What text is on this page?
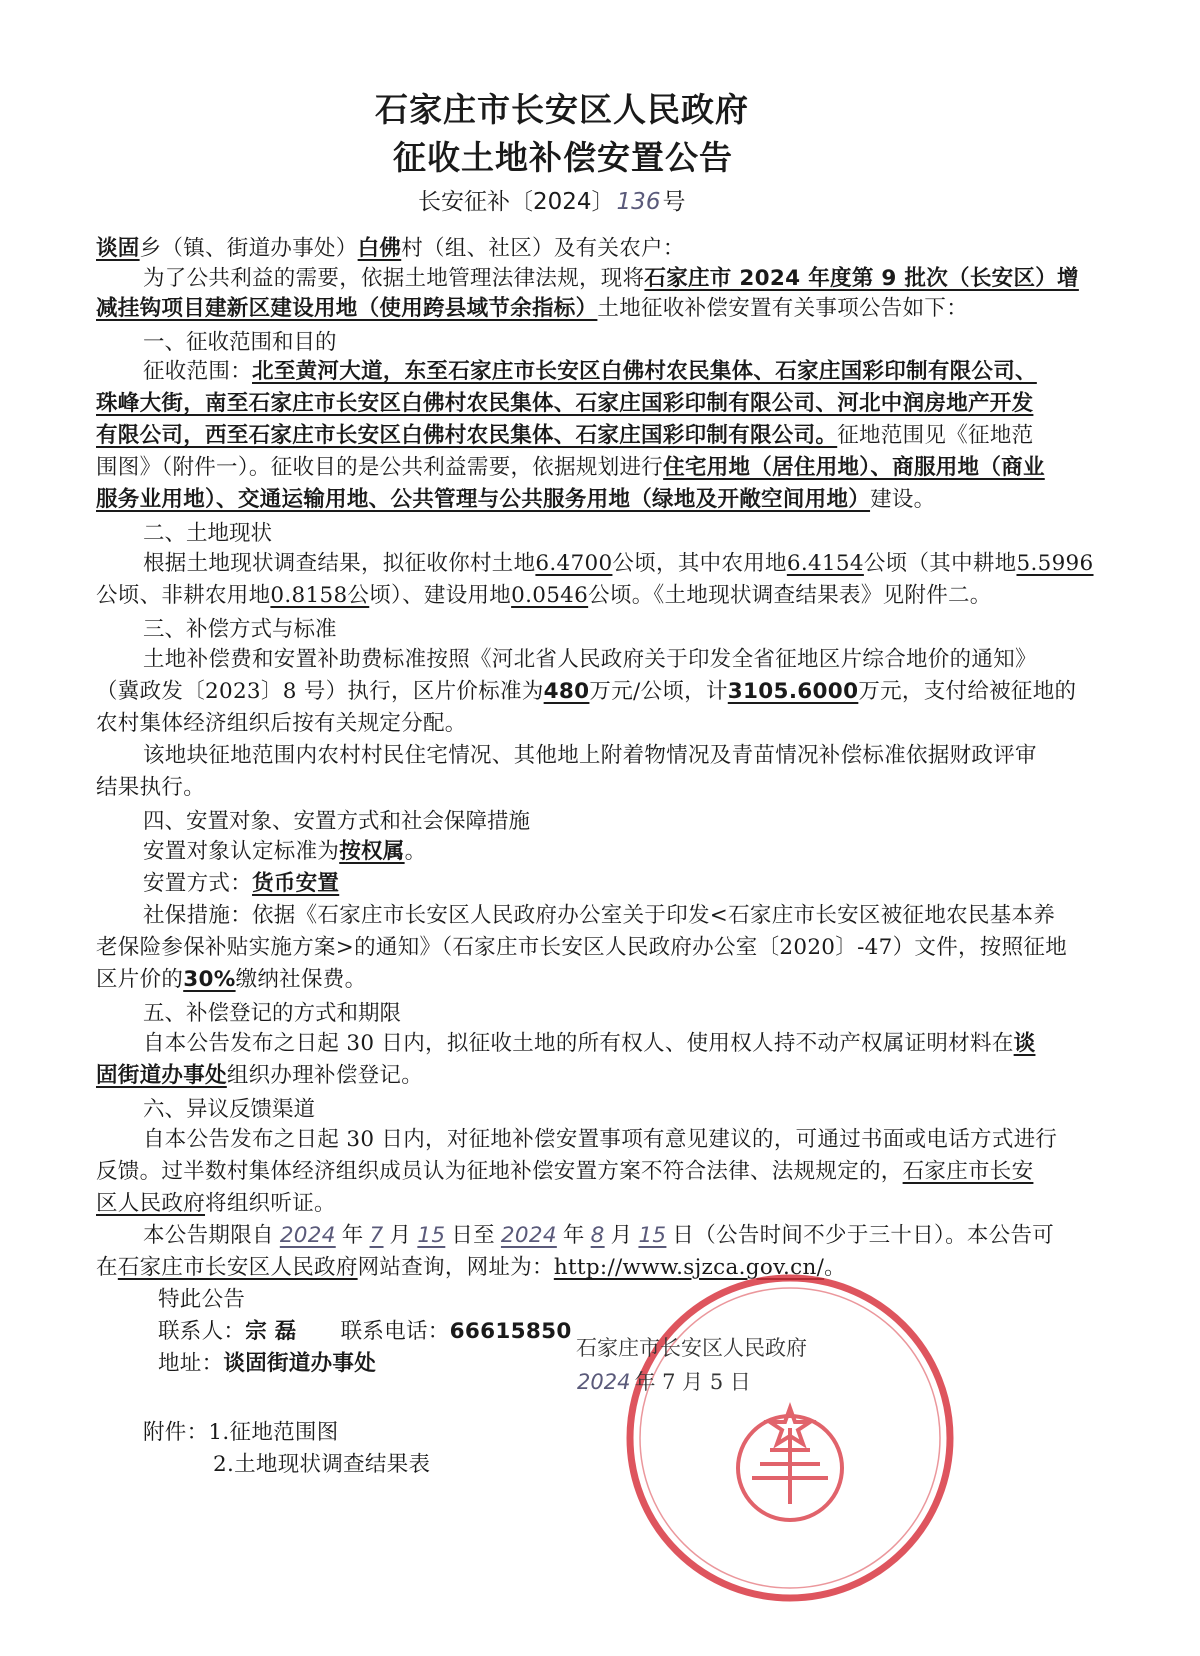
石家庄市长安区人民政府
征收土地补偿安置公告
长安征补〔2024〕136号
谈固乡（镇、街道办事处）白佛村（组、社区）及有关农户：
为了公共利益的需要，依据土地管理法律法规，现将石家庄市 2024 年度第 9 批次（长安区）增
减挂钩项目建新区建设用地（使用跨县域节余指标）土地征收补偿安置有关事项公告如下：
一、征收范围和目的
征收范围：北至黄河大道，东至石家庄市长安区白佛村农民集体、石家庄国彩印制有限公司、
珠峰大街，南至石家庄市长安区白佛村农民集体、石家庄国彩印制有限公司、河北中润房地产开发
有限公司，西至石家庄市长安区白佛村农民集体、石家庄国彩印制有限公司。征地范围见《征地范
围图》（附件一）。征收目的是公共利益需要，依据规划进行住宅用地（居住用地）、商服用地（商业
服务业用地）、交通运输用地、公共管理与公共服务用地（绿地及开敞空间用地）建设。
二、土地现状
根据土地现状调查结果，拟征收你村土地6.4700公顷，其中农用地6.4154公顷（其中耕地5.5996
公顷、非耕农用地0.8158公顷）、建设用地0.0546公顷。《土地现状调查结果表》见附件二。
三、补偿方式与标准
土地补偿费和安置补助费标准按照《河北省人民政府关于印发全省征地区片综合地价的通知》
（冀政发〔2023〕8 号）执行，区片价标准为480万元/公顷，计3105.6000万元，支付给被征地的
农村集体经济组织后按有关规定分配。
该地块征地范围内农村村民住宅情况、其他地上附着物情况及青苗情况补偿标准依据财政评审
结果执行。
四、安置对象、安置方式和社会保障措施
安置对象认定标准为按权属。
安置方式：货币安置
社保措施：依据《石家庄市长安区人民政府办公室关于印发<石家庄市长安区被征地农民基本养
老保险参保补贴实施方案>的通知》（石家庄市长安区人民政府办公室〔2020〕-47）文件，按照征地
区片价的30%缴纳社保费。
五、补偿登记的方式和期限
自本公告发布之日起 30 日内，拟征收土地的所有权人、使用权人持不动产权属证明材料在谈
固街道办事处组织办理补偿登记。
六、异议反馈渠道
自本公告发布之日起 30 日内，对征地补偿安置事项有意见建议的，可通过书面或电话方式进行
反馈。过半数村集体经济组织成员认为征地补偿安置方案不符合法律、法规规定的，石家庄市长安
区人民政府将组织听证。
本公告期限自 2024 年 7 月 15 日至 2024 年 8 月 15 日（公告时间不少于三十日）。本公告可
在石家庄市长安区人民政府网站查询，网址为：http://www.sjzca.gov.cn/。
特此公告
联系人：宗 磊 联系电话：66615850
地址：谈固街道办事处
石家庄市长安区人民政府
2024 年 7 月 5 日
附件：1.征地范围图
2.土地现状调查结果表
